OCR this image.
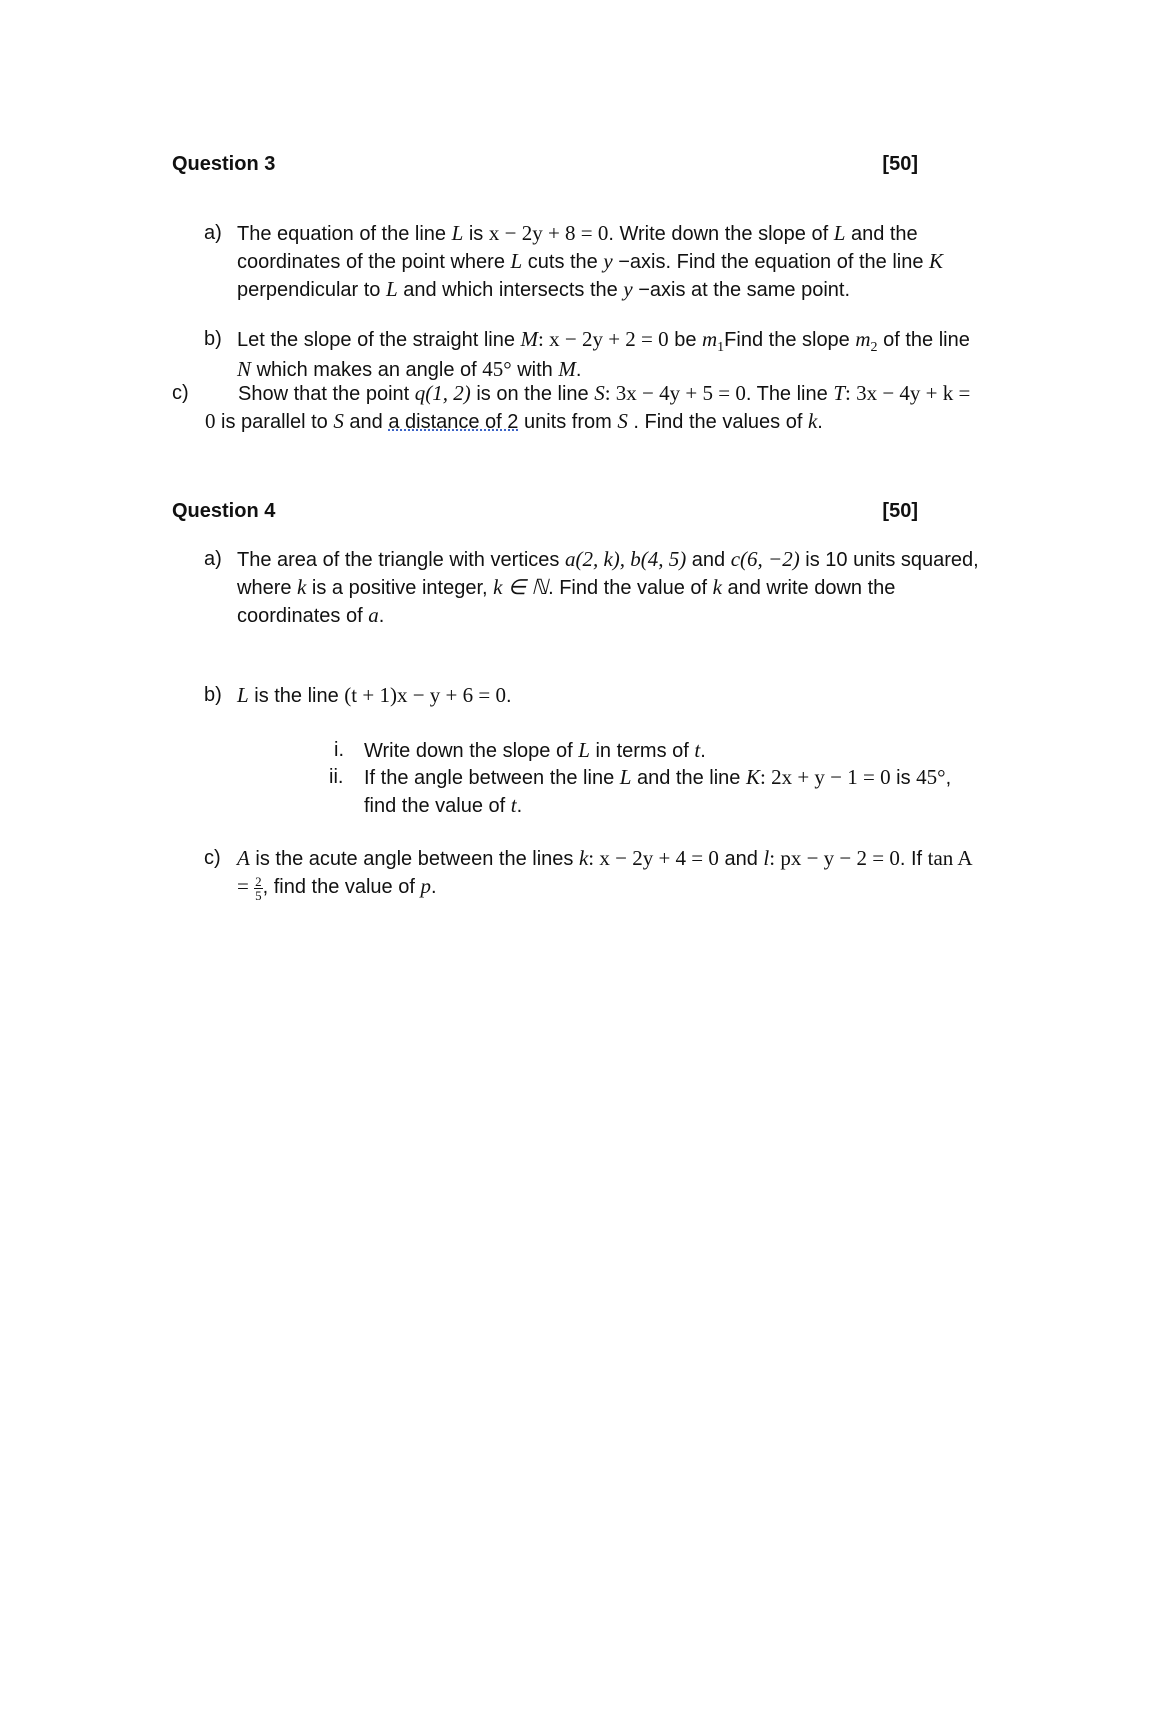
Question 3	[50]
a) The equation of the line L is x − 2y + 8 = 0. Write down the slope of L and the coordinates of the point where L cuts the y −axis. Find the equation of the line K perpendicular to L and which intersects the y −axis at the same point.
b) Let the slope of the straight line M: x − 2y + 2 = 0 be $m_1Find$ the slope $m_2$ of the line N which makes an angle of 45° with M.
c)	Show that the point q(1, 2) is on the line S: 3x − 4y + 5 = 0. The line T: 3x − 4y + k = 0 is parallel to S and a distance of 2 units from S . Find the values of k.
Question 4	[50]
a) The area of the triangle with vertices a(2, k), b(4, 5) and c(6, −2) is 10 units squared, where k is a positive integer, k ∈ ℕ. Find the value of k and write down the coordinates of a.
b) L is the line (t + 1)x − y + 6 = 0.
i. Write down the slope of L in terms of t.
ii. If the angle between the line L and the line K: 2x + y − 1 = 0 is 45°, find the value of t.
c) A is the acute angle between the lines k: x − 2y + 4 = 0 and l: px − y − 2 = 0. If $\tan A = \frac{2}{5}$ , find the value of p.
